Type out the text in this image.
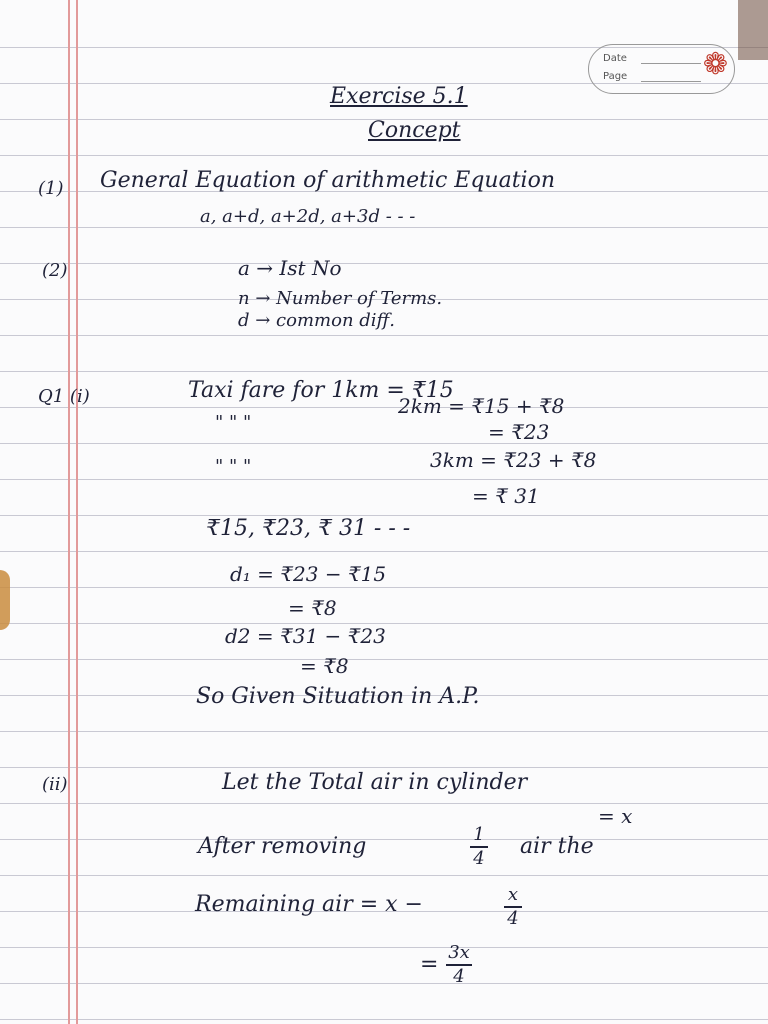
Date
Page	❁
Exercise 5.1
Concept
(1) General Equation of arithmetic Equation
a, a+d, a+2d, a+3d - - -
(2)	a → Ist No
n → Number of Terms.
d → common diff.
Q1 (i)	Taxi fare for 1km = ₹15
" " "
2km = ₹15 + ₹8
= ₹23
" " "	3km = ₹23 + ₹8
= ₹ 31
₹15, ₹23, ₹ 31 - - -
d₁ = ₹23 − ₹15
= ₹8
d2 = ₹31 − ₹23
= ₹8
So Given Situation in A.P.
(ii)	Let the Total air in cylinder
= x
After removing	1
4 air the
Remaining air = x −	x
4
= 3x
4
